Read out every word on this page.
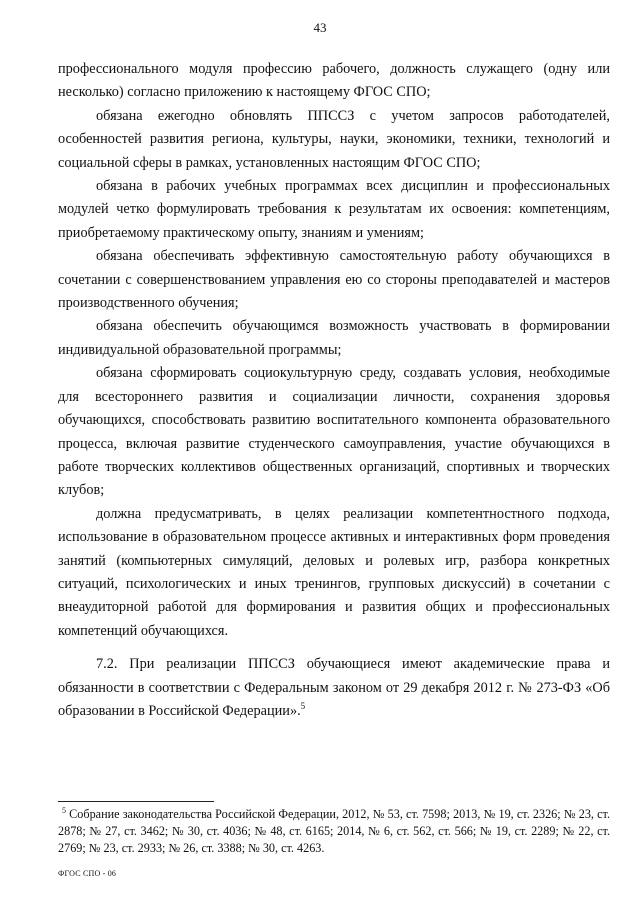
43

профессионального модуля профессию рабочего, должность служащего (одну или несколько) согласно приложению к настоящему ФГОС СПО;

обязана ежегодно обновлять ППССЗ с учетом запросов работодателей, особенностей развития региона, культуры, науки, экономики, техники, технологий и социальной сферы в рамках, установленных настоящим ФГОС СПО;

обязана в рабочих учебных программах всех дисциплин и профессиональных модулей четко формулировать требования к результатам их освоения: компетенциям, приобретаемому практическому опыту, знаниям и умениям;

обязана обеспечивать эффективную самостоятельную работу обучающихся в сочетании с совершенствованием управления ею со стороны преподавателей и мастеров производственного обучения;

обязана обеспечить обучающимся возможность участвовать в формировании индивидуальной образовательной программы;

обязана сформировать социокультурную среду, создавать условия, необходимые для всестороннего развития и социализации личности, сохранения здоровья обучающихся, способствовать развитию воспитательного компонента образовательного процесса, включая развитие студенческого самоуправления, участие обучающихся в работе творческих коллективов общественных организаций, спортивных и творческих клубов;

должна предусматривать, в целях реализации компетентностного подхода, использование в образовательном процессе активных и интерактивных форм проведения занятий (компьютерных симуляций, деловых и ролевых игр, разбора конкретных ситуаций, психологических и иных тренингов, групповых дискуссий) в сочетании с внеаудиторной работой для формирования и развития общих и профессиональных компетенций обучающихся.

7.2. При реализации ППССЗ обучающиеся имеют академические права и обязанности в соответствии с Федеральным законом от 29 декабря 2012 г. № 273-ФЗ «Об образовании в Российской Федерации».$^5$

$^5$ Собрание законодательства Российской Федерации, 2012, № 53, ст. 7598; 2013, № 19, ст. 2326; № 23, ст. 2878; № 27, ст. 3462; № 30, ст. 4036; № 48, ст. 6165; 2014, № 6, ст. 562, ст. 566; № 19, ст. 2289; № 22, ст. 2769; № 23, ст. 2933; № 26, ст. 3388; № 30, ст. 4263.
ФГОС СПО - 06
